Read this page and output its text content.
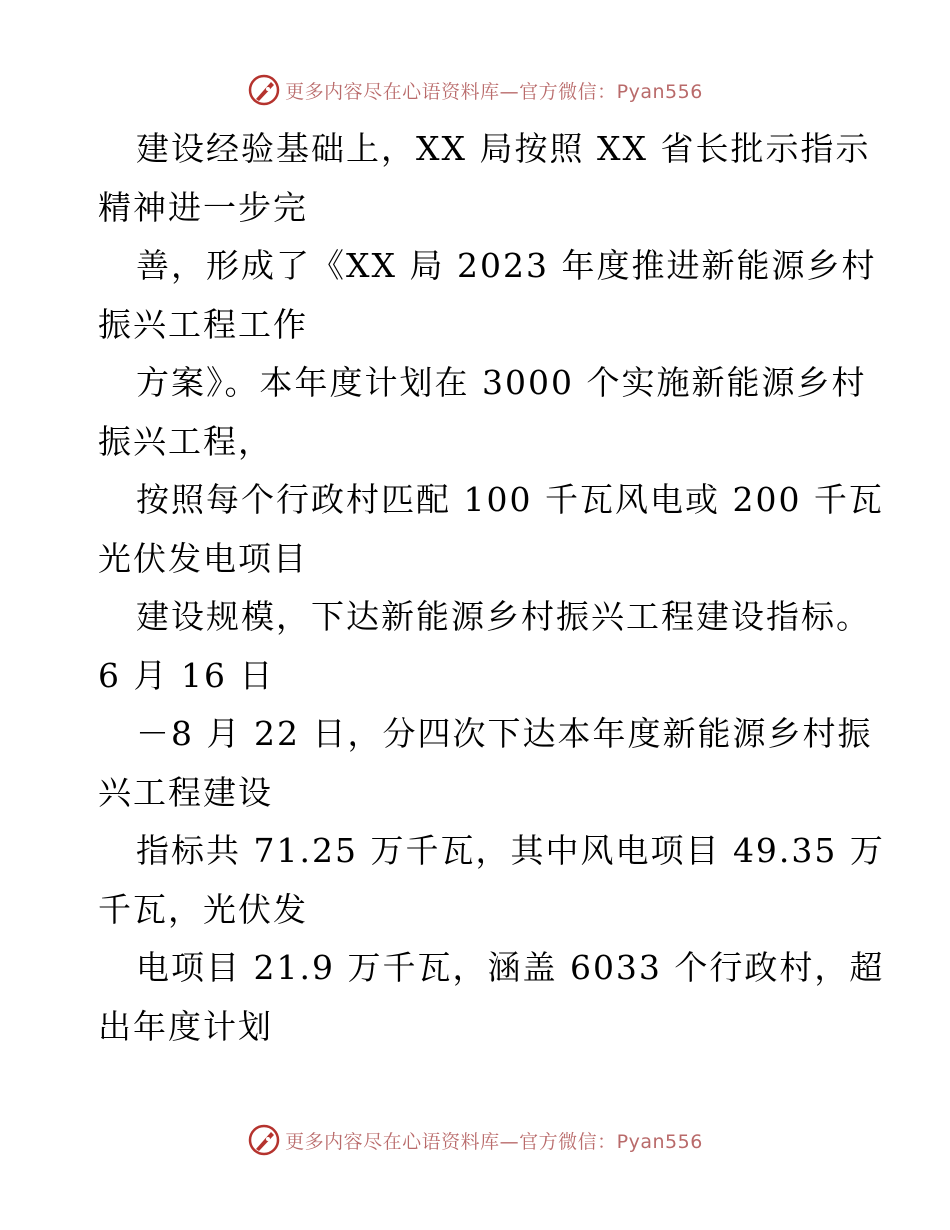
更多内容尽在心语资料库—官方微信：Pyan556
建设经验基础上，XX 局按照 XX 省长批示指示
精神进一步完
善，形成了《XX 局 2023 年度推进新能源乡村
振兴工程工作
方案》。本年度计划在 3000 个实施新能源乡村
振兴工程，
按照每个行政村匹配 100 千瓦风电或 200 千瓦
光伏发电项目
建设规模，下达新能源乡村振兴工程建设指标。
6 月 16 日
－8 月 22 日，分四次下达本年度新能源乡村振
兴工程建设
指标共 71.25 万千瓦，其中风电项目 49.35 万
千瓦，光伏发
电项目 21.9 万千瓦，涵盖 6033 个行政村，超
出年度计划
更多内容尽在心语资料库—官方微信：Pyan556
